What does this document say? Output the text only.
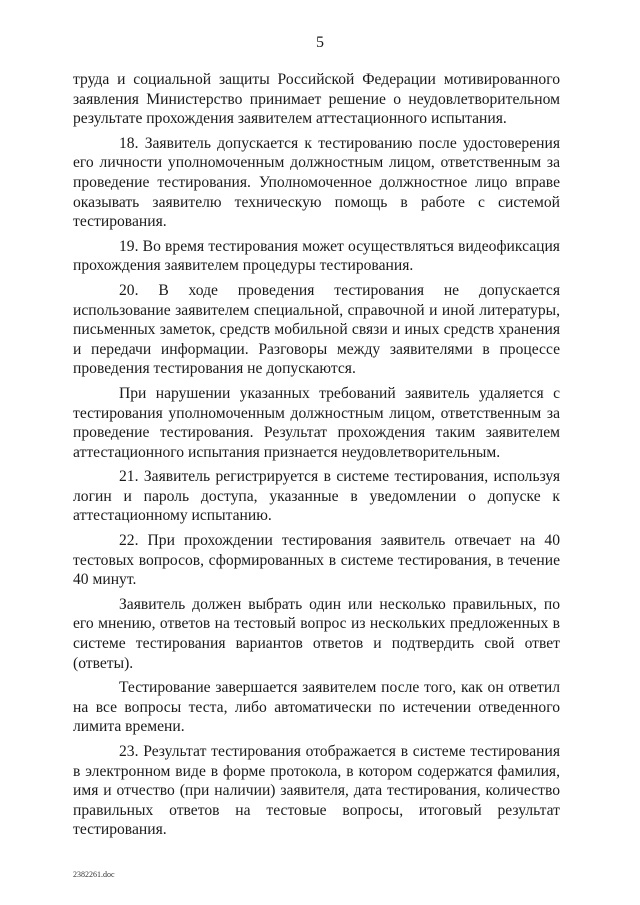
5

труда и социальной защиты Российской Федерации мотивированного заявления Министерство принимает решение о неудовлетворительном результате прохождения заявителем аттестационного испытания.

18. Заявитель допускается к тестированию после удостоверения его личности уполномоченным должностным лицом, ответственным за проведение тестирования. Уполномоченное должностное лицо вправе оказывать заявителю техническую помощь в работе с системой тестирования.

19. Во время тестирования может осуществляться видеофиксация прохождения заявителем процедуры тестирования.

20. В ходе проведения тестирования не допускается использование заявителем специальной, справочной и иной литературы, письменных заметок, средств мобильной связи и иных средств хранения и передачи информации. Разговоры между заявителями в процессе проведения тестирования не допускаются.

При нарушении указанных требований заявитель удаляется с тестирования уполномоченным должностным лицом, ответственным за проведение тестирования. Результат прохождения таким заявителем аттестационного испытания признается неудовлетворительным.

21. Заявитель регистрируется в системе тестирования, используя логин и пароль доступа, указанные в уведомлении о допуске к аттестационному испытанию.

22. При прохождении тестирования заявитель отвечает на 40 тестовых вопросов, сформированных в системе тестирования, в течение 40 минут.

Заявитель должен выбрать один или несколько правильных, по его мнению, ответов на тестовый вопрос из нескольких предложенных в системе тестирования вариантов ответов и подтвердить свой ответ (ответы).

Тестирование завершается заявителем после того, как он ответил на все вопросы теста, либо автоматически по истечении отведенного лимита времени.

23. Результат тестирования отображается в системе тестирования в электронном виде в форме протокола, в котором содержатся фамилия, имя и отчество (при наличии) заявителя, дата тестирования, количество правильных ответов на тестовые вопросы, итоговый результат тестирования.

2382261.doc
